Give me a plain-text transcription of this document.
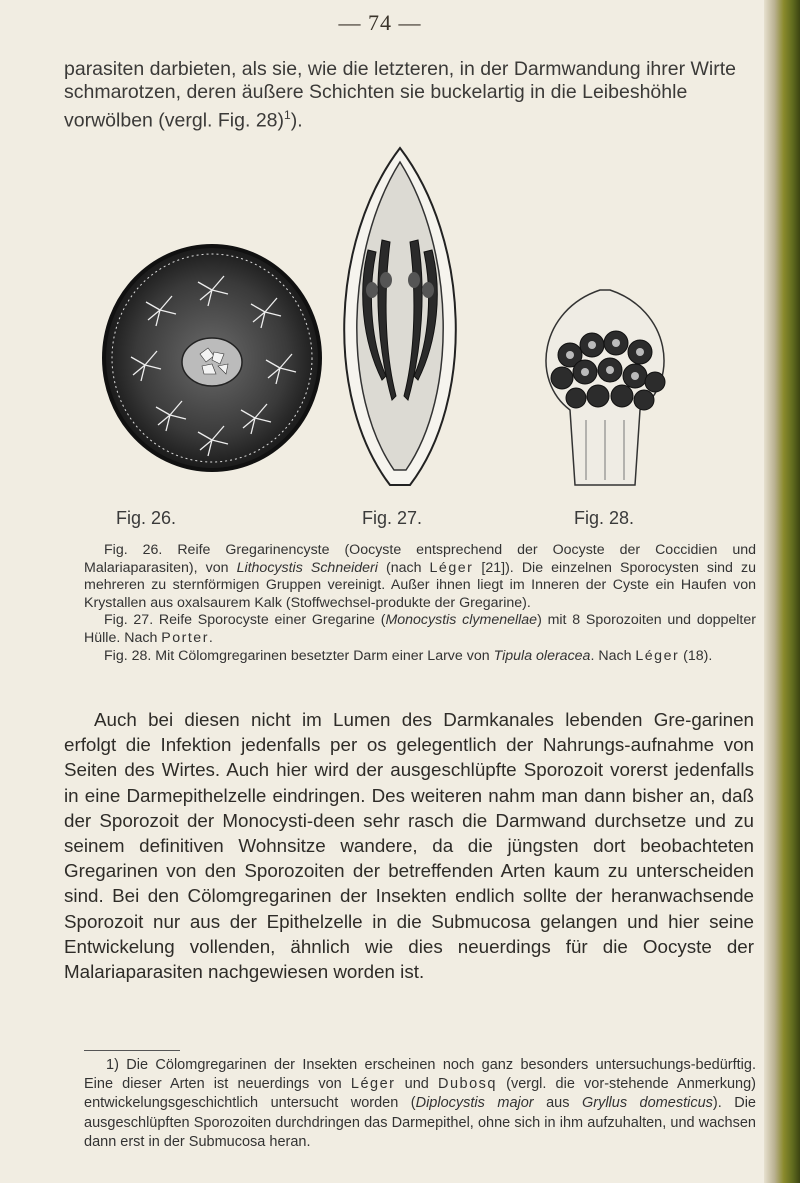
— 74 —

parasiten darbieten, als sie, wie die letzteren, in der Darmwandung ihrer Wirte schmarotzen, deren äußere Schichten sie buckelartig in die Leibeshöhle vorwölben (vergl. Fig. 28)$^1$).

Fig. 26.	Fig. 27.	Fig. 28.

Fig. 26. Reife Gregarinencyste (Oocyste entsprechend der Oocyste der Coccidien und Malariaparasiten), von Lithocystis Schneideri (nach Léger [21]). Die einzelnen Sporocysten sind zu mehreren zu sternförmigen Gruppen vereinigt. Außer ihnen liegt im Inneren der Cyste ein Haufen von Krystallen aus oxalsaurem Kalk (Stoffwechsel-produkte der Gregarine).

Fig. 27. Reife Sporocyste einer Gregarine (Monocystis clymenellae) mit 8 Sporozoiten und doppelter Hülle. Nach Porter.

Fig. 28. Mit Cölomgregarinen besetzter Darm einer Larve von Tipula oleracea. Nach Léger (18).

Auch bei diesen nicht im Lumen des Darmkanales lebenden Gre-garinen erfolgt die Infektion jedenfalls per os gelegentlich der Nahrungs-aufnahme von Seiten des Wirtes. Auch hier wird der ausgeschlüpfte Sporozoit vorerst jedenfalls in eine Darmepithelzelle eindringen. Des weiteren nahm man dann bisher an, daß der Sporozoit der Monocysti-deen sehr rasch die Darmwand durchsetze und zu seinem definitiven Wohnsitze wandere, da die jüngsten dort beobachteten Gregarinen von den Sporozoiten der betreffenden Arten kaum zu unterscheiden sind. Bei den Cölomgregarinen der Insekten endlich sollte der heranwachsende Sporozoit nur aus der Epithelzelle in die Submucosa gelangen und hier seine Entwickelung vollenden, ähnlich wie dies neuerdings für die Oocyste der Malariaparasiten nachgewiesen worden ist.

1) Die Cölomgregarinen der Insekten erscheinen noch ganz besonders untersuchungs-bedürftig. Eine dieser Arten ist neuerdings von Léger und Dubosq (vergl. die vor-stehende Anmerkung) entwickelungsgeschichtlich untersucht worden (Diplocystis major aus Gryllus domesticus). Die ausgeschlüpften Sporozoiten durchdringen das Darmepithel, ohne sich in ihm aufzuhalten, und wachsen dann erst in der Submucosa heran.
